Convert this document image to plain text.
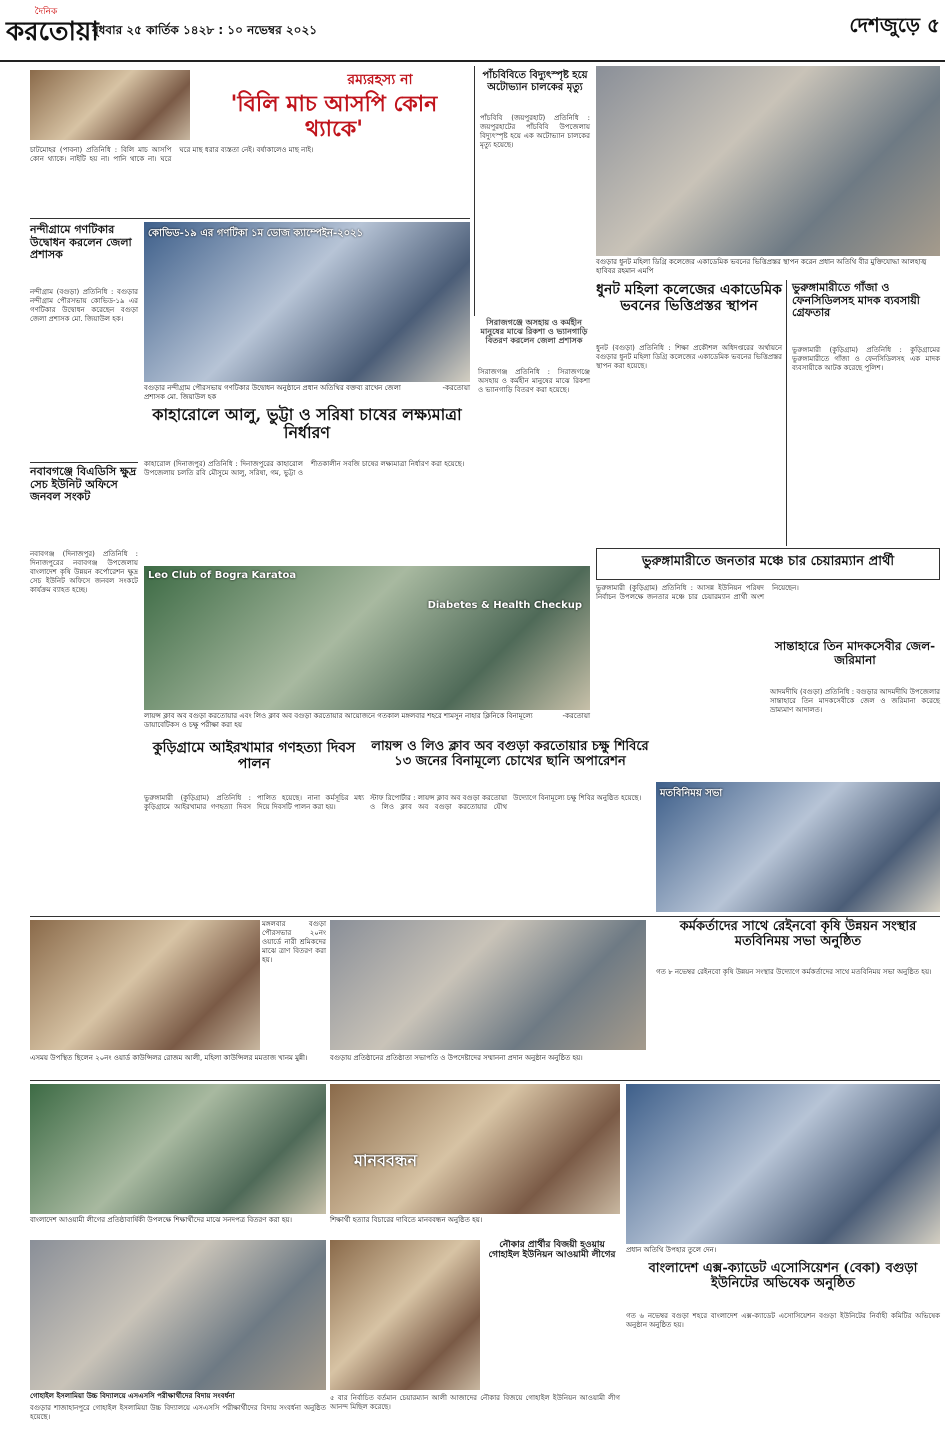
দৈনিক
করতোয়া
বুধবার ২৫ কার্তিক ১৪২৮ : ১০ নভেম্বর ২০২১	দেশজুড়ে ৫
রম্যরহস্য না
'বিলি মাচ আসপি কোন থ্যাকে'
চাটমোহর (পাবনা) প্রতিনিধি : বিলি মাচ আসপি কোন থ্যাকে। নাইটি হয় না। পানি থাকে না। ঘরে ঘরে মাছ ধরার ব্যস্ততা নেই। বর্ষাকালেও মাছ নাই।
পাঁচবিবিতে বিদ্যুৎস্পৃষ্ট হয়ে অটোভ্যান চালকের মৃত্যু
পাঁচবিবি (জয়পুরহাট) প্রতিনিধি : জয়পুরহাটের পাঁচবিবি উপজেলায় বিদ্যুৎস্পৃষ্ট হয়ে এক অটোভ্যান চালকের মৃত্যু হয়েছে।
বগুড়ার ধুনট মহিলা ডিগ্রি কলেজের একাডেমিক ভবনের ভিত্তিপ্রস্তর স্থাপন করেন প্রধান অতিথি বীর মুক্তিযোদ্ধা আলহাজ্ব হাবিবর রহমান এমপি
নন্দীগ্রামে গণটিকার উদ্বোধন করলেন জেলা প্রশাসক
নন্দীগ্রাম (বগুড়া) প্রতিনিধি : বগুড়ার নন্দীগ্রাম পৌরসভায় কোভিড-১৯ এর গণটিকার উদ্বোধন করেছেন বগুড়া জেলা প্রশাসক মো. জিয়াউল হক।
কোভিড-১৯ এর গণটিকা ১ম ডোজ ক্যাম্পেইন-২০২১
বগুড়ার নন্দীগ্রাম পৌরসভায় গণটিকার উদ্বোধন অনুষ্ঠানে প্রধান অতিথির বক্তব্য রাখেন জেলা প্রশাসক মো. জিয়াউল হক
-করতোয়া
সিরাজগঞ্জে অসহায় ও কর্মহীন মানুষের মাঝে রিকশা ও ভ্যানগাড়ি বিতরণ করলেন জেলা প্রশাসক
সিরাজগঞ্জ প্রতিনিধি : সিরাজগঞ্জে অসহায় ও কর্মহীন মানুষের মাঝে রিকশা ও ভ্যানগাড়ি বিতরণ করা হয়েছে।
ধুনট মহিলা কলেজের একাডেমিক ভবনের ভিত্তিপ্রস্তর স্থাপন
ধুনট (বগুড়া) প্রতিনিধি : শিক্ষা প্রকৌশল অধিদপ্তরের অর্থায়নে বগুড়ার ধুনট মহিলা ডিগ্রি কলেজের একাডেমিক ভবনের ভিত্তিপ্রস্তর স্থাপন করা হয়েছে।
ভুরুঙ্গামারীতে গাঁজা ও ফেনসিডিলসহ মাদক ব্যবসায়ী গ্রেফতার
ভুরুঙ্গামারী (কুড়িগ্রাম) প্রতিনিধি : কুড়িগ্রামের ভুরুঙ্গামারীতে গাঁজা ও ফেনসিডিলসহ এক মাদক ব্যবসায়ীকে আটক করেছে পুলিশ।
কাহারোলে আলু, ভুট্টা ও সরিষা চাষের লক্ষ্যমাত্রা নির্ধারণ
কাহারোল (দিনাজপুর) প্রতিনিধি : দিনাজপুরের কাহারোল উপজেলায় চলতি রবি মৌসুমে আলু, সরিষা, গম, ভুট্টা ও শীতকালীন সবজি চাষের লক্ষ্যমাত্রা নির্ধারণ করা হয়েছে।
নবাবগঞ্জে বিএডিসি ক্ষুদ্র সেচ ইউনিট অফিসে জনবল সংকট
নবাবগঞ্জ (দিনাজপুর) প্রতিনিধি : দিনাজপুরের নবাবগঞ্জ উপজেলায় বাংলাদেশ কৃষি উন্নয়ন কর্পোরেশন ক্ষুদ্র সেচ ইউনিট অফিসে জনবল সংকটে কার্যক্রম ব্যাহত হচ্ছে।
Leo Club of Bogra Karatoa
Diabetes & Health Checkup
লায়ন্স ক্লাব অব বগুড়া করতোয়ার এবং লিও ক্লাব অব বগুড়া করতোয়ার আয়োজনে গতকাল মঙ্গলবার শহরে শামসুন নাহার ক্লিনিকে বিনামূল্যে ডায়াবেটিকস ও চক্ষু পরীক্ষা করা হয়
-করতোয়া
ভুরুঙ্গামারীতে জনতার মঞ্চে চার চেয়ারম্যান প্রার্থী
ভুরুঙ্গামারী (কুড়িগ্রাম) প্রতিনিধি : আসন্ন ইউনিয়ন পরিষদ নির্বাচন উপলক্ষে জনতার মঞ্চে চার চেয়ারম্যান প্রার্থী অংশ নিয়েছেন।
সান্তাহারে তিন মাদকসেবীর জেল-জরিমানা
আদমদীঘি (বগুড়া) প্রতিনিধি : বগুড়ার আদমদীঘি উপজেলার সান্তাহারে তিন মাদকসেবীকে জেল ও জরিমানা করেছে ভ্রাম্যমাণ আদালত।
কুড়িগ্রামে আইরখামার গণহত্যা দিবস পালন
ভুরুঙ্গামারী (কুড়িগ্রাম) প্রতিনিধি : কুড়িগ্রামে আইরখামার গণহত্যা দিবস পালিত হয়েছে। নানা কর্মসূচির মধ্য দিয়ে দিবসটি পালন করা হয়।
লায়ন্স ও লিও ক্লাব অব বগুড়া করতোয়ার চক্ষু শিবিরে ১৩ জনের বিনামূল্যে চোখের ছানি অপারেশন
স্টাফ রিপোর্টার : লায়ন্স ক্লাব অব বগুড়া করতোয়া ও লিও ক্লাব অব বগুড়া করতোয়ার যৌথ উদ্যোগে বিনামূল্যে চক্ষু শিবির অনুষ্ঠিত হয়েছে।	মতবিনিময় সভা
মঙ্গলবার বগুড়া পৌরসভার ২০নং ওয়ার্ডে নারী শ্রমিকদের মাঝে ত্রাণ বিতরণ করা হয়।
এসময় উপস্থিত ছিলেন ২০নং ওয়ার্ড কাউন্সিলর রোজম আলী, মহিলা কাউন্সিলর মমতাজ খানম মুন্নী।	বগুড়ায় প্রতিষ্ঠানের প্রতিষ্ঠাতা সভাপতি ও উপদেষ্টাদের সম্মাননা প্রদান অনুষ্ঠান অনুষ্ঠিত হয়।
কর্মকর্তাদের সাথে রেইনবো কৃষি উন্নয়ন সংস্থার মতবিনিময় সভা অনুষ্ঠিত
গত ৮ নভেম্বর রেইনবো কৃষি উন্নয়ন সংস্থার উদ্যোগে কর্মকর্তাদের সাথে মতবিনিময় সভা অনুষ্ঠিত হয়।
বাংলাদেশ আওয়ামী লীগের প্রতিষ্ঠাবার্ষিকী উপলক্ষে শিক্ষার্থীদের মাঝে সনদপত্র বিতরণ করা হয়।
মানববন্ধন
শিক্ষার্থী হত্যার বিচারের দাবিতে মানববন্ধন অনুষ্ঠিত হয়।
প্রধান অতিথি উপহার তুলে দেন।
গোহাইল ইসলামিয়া উচ্চ বিদ্যালয়ে এসএসসি পরীক্ষার্থীদের বিদায় সংবর্ধনা
বগুড়ার শাজাহানপুরে গোহাইল ইসলামিয়া উচ্চ বিদ্যালয়ে এসএসসি পরীক্ষার্থীদের বিদায় সংবর্ধনা অনুষ্ঠিত হয়েছে।
নৌকার প্রার্থীর বিজয়ী হওয়ায় গোহাইল ইউনিয়ন আওয়ামী লীগের
৫ বার নির্বাচিত বর্তমান চেয়ারম্যান আলী আজাদের নৌকার বিজয়ে গোহাইল ইউনিয়ন আওয়ামী লীগ আনন্দ মিছিল করেছে।
বাংলাদেশ এক্স-ক্যাডেট এসোসিয়েশন (বেকা) বগুড়া ইউনিটের অভিষেক অনুষ্ঠিত
গত ৬ নভেম্বর বগুড়া শহরে বাংলাদেশ এক্স-ক্যাডেট এসোসিয়েশন বগুড়া ইউনিটের নির্বাহী কমিটির অভিষেক অনুষ্ঠান অনুষ্ঠিত হয়।
